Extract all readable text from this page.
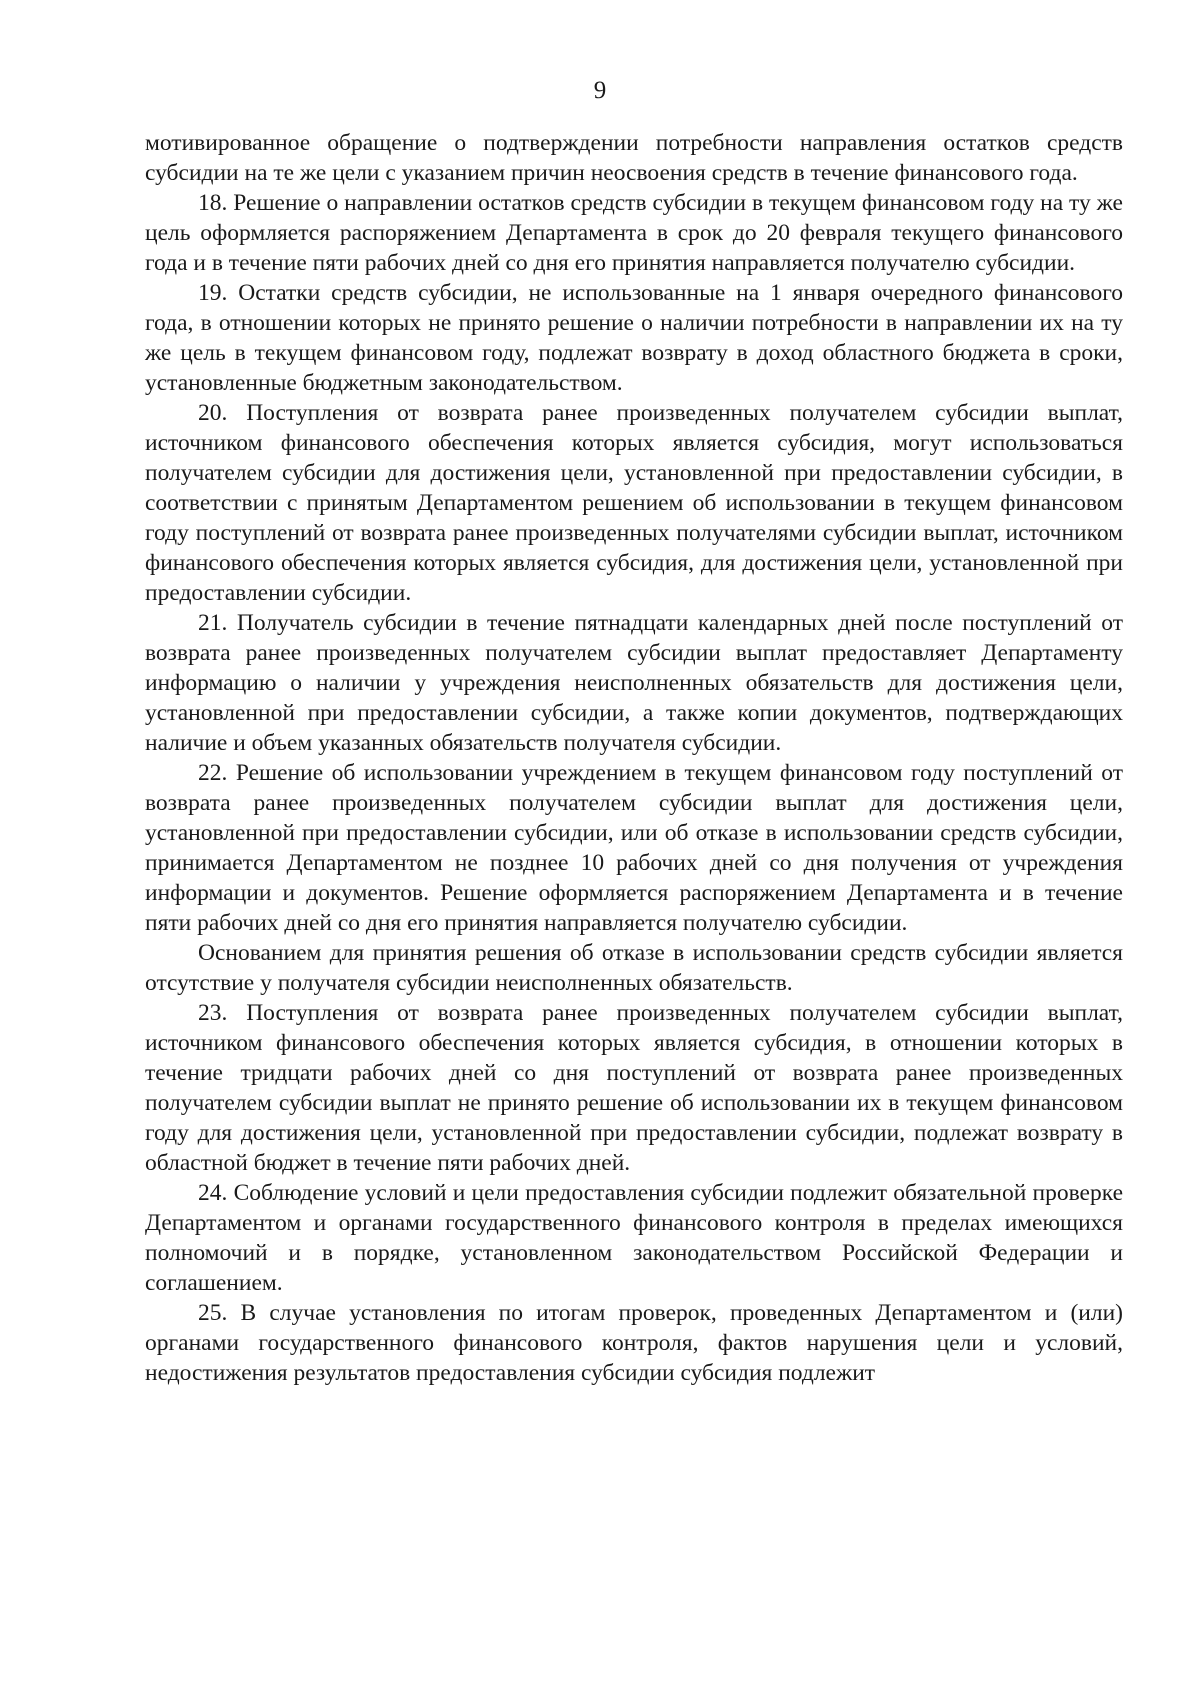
9

мотивированное обращение о подтверждении потребности направления остатков средств субсидии на те же цели с указанием причин неосвоения средств в течение финансового года.

18. Решение о направлении остатков средств субсидии в текущем финансовом году на ту же цель оформляется распоряжением Департамента в срок до 20 февраля текущего финансового года и в течение пяти рабочих дней со дня его принятия направляется получателю субсидии.

19. Остатки средств субсидии, не использованные на 1 января очередного финансового года, в отношении которых не принято решение о наличии потребности в направлении их на ту же цель в текущем финансовом году, подлежат возврату в доход областного бюджета в сроки, установленные бюджетным законодательством.

20. Поступления от возврата ранее произведенных получателем субсидии выплат, источником финансового обеспечения которых является субсидия, могут использоваться получателем субсидии для достижения цели, установленной при предоставлении субсидии, в соответствии с принятым Департаментом решением об использовании в текущем финансовом году поступлений от возврата ранее произведенных получателями субсидии выплат, источником финансового обеспечения которых является субсидия, для достижения цели, установленной при предоставлении субсидии.

21. Получатель субсидии в течение пятнадцати календарных дней после поступлений от возврата ранее произведенных получателем субсидии выплат предоставляет Департаменту информацию о наличии у учреждения неисполненных обязательств для достижения цели, установленной при предоставлении субсидии, а также копии документов, подтверждающих наличие и объем указанных обязательств получателя субсидии.

22. Решение об использовании учреждением в текущем финансовом году поступлений от возврата ранее произведенных получателем субсидии выплат для достижения цели, установленной при предоставлении субсидии, или об отказе в использовании средств субсидии, принимается Департаментом не позднее 10 рабочих дней со дня получения от учреждения информации и документов. Решение оформляется распоряжением Департамента и в течение пяти рабочих дней со дня его принятия направляется получателю субсидии.

Основанием для принятия решения об отказе в использовании средств субсидии является отсутствие у получателя субсидии неисполненных обязательств.

23. Поступления от возврата ранее произведенных получателем субсидии выплат, источником финансового обеспечения которых является субсидия, в отношении которых в течение тридцати рабочих дней со дня поступлений от возврата ранее произведенных получателем субсидии выплат не принято решение об использовании их в текущем финансовом году для достижения цели, установленной при предоставлении субсидии, подлежат возврату в областной бюджет в течение пяти рабочих дней.

24. Соблюдение условий и цели предоставления субсидии подлежит обязательной проверке Департаментом и органами государственного финансового контроля в пределах имеющихся полномочий и в порядке, установленном законодательством Российской Федерации и соглашением.

25. В случае установления по итогам проверок, проведенных Департаментом и (или) органами государственного финансового контроля, фактов нарушения цели и условий, недостижения результатов предоставления субсидии субсидия подлежит
